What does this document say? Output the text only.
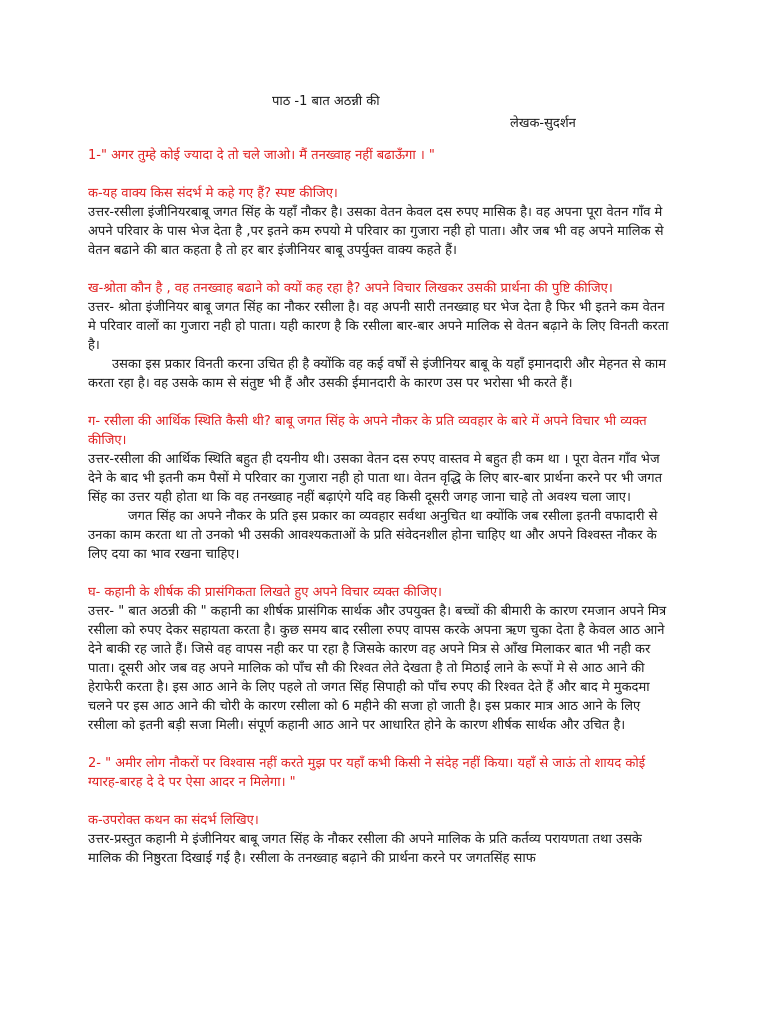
पाठ -1 बात अठन्नी की
लेखक-सुदर्शन

1-" अगर तुम्हे कोई ज्यादा दे तो चले जाओ। मैं तनख्वाह नहीं बढाऊँगा । "

क-यह वाक्य किस संदर्भ मे कहे गए हैं? स्पष्ट कीजिए।

उत्तर-रसीला इंजीनियरबाबू जगत सिंह के यहाँ नौकर है। उसका वेतन केवल दस रुपए मासिक है। वह अपना पूरा वेतन गाँव मे अपने परिवार के पास भेज देता है ,पर इतने कम रुपयो मे परिवार का गुजारा नही हो पाता। और जब भी वह अपने मालिक से वेतन बढाने की बात कहता है तो हर बार इंजीनियर बाबू उपर्युक्त वाक्य कहते हैं।

ख-श्रोता कौन है , वह तनख्वाह बढाने को क्यों कह रहा है? अपने विचार लिखकर उसकी प्रार्थना की पुष्टि कीजिए।

उत्तर- श्रोता इंजीनियर बाबू जगत सिंह का नौकर रसीला है। वह अपनी सारी तनख्वाह घर भेज देता है फिर भी इतने कम वेतन मे परिवार वालों का गुजारा नही हो पाता। यही कारण है कि रसीला बार-बार अपने मालिक से वेतन बढ़ाने के लिए विनती करता है।

उसका इस प्रकार विनती करना उचित ही है क्योंकि वह कई वर्षों से इंजीनियर बाबू के यहाँ इमानदारी और मेहनत से काम करता रहा है। वह उसके काम से संतुष्ट भी हैं और उसकी ईमानदारी के कारण उस पर भरोसा भी करते हैं।

ग- रसीला की आर्थिक स्थिति कैसी थी? बाबू जगत सिंह के अपने नौकर के प्रति व्यवहार के बारे में अपने विचार भी व्यक्त कीजिए।

उत्तर-रसीला की आर्थिक स्थिति बहुत ही दयनीय थी। उसका वेतन दस रुपए वास्तव मे बहुत ही कम था । पूरा वेतन गाँव भेज देने के बाद भी इतनी कम पैसों मे परिवार का गुजारा नही हो पाता था। वेतन वृद्धि के लिए बार-बार प्रार्थना करने पर भी जगत सिंह का उत्तर यही होता था कि वह तनख्वाह नहीं बढ़ाएंगे यदि वह किसी दूसरी जगह जाना चाहे तो अवश्य चला जाए।

जगत सिंह का अपने नौकर के प्रति इस प्रकार का व्यवहार सर्वथा अनुचित था क्योंकि जब रसीला इतनी वफादारी से उनका काम करता था तो उनको भी उसकी आवश्यकताओं के प्रति संवेदनशील होना चाहिए था और अपने विश्वस्त नौकर के लिए दया का भाव रखना चाहिए।

घ- कहानी के शीर्षक की प्रासंगिकता लिखते हुए अपने विचार व्यक्त कीजिए।

उत्तर- " बात अठन्नी की " कहानी का शीर्षक प्रासंगिक सार्थक और उपयुक्त है। बच्चों की बीमारी के कारण रमजान अपने मित्र रसीला को रुपए देकर सहायता करता है। कुछ समय बाद रसीला रुपए वापस करके अपना ऋण चुका देता है केवल आठ आने देने बाकी रह जाते हैं। जिसे वह वापस नही कर पा रहा है जिसके कारण वह अपने मित्र से आँख मिलाकर बात भी नही कर पाता। दूसरी ओर जब वह अपने मालिक को पाँच सौ की रिश्वत लेते देखता है तो मिठाई लाने के रूपों मे से आठ आने की हेराफेरी करता है। इस आठ आने के लिए पहले तो जगत सिंह सिपाही को पाँच रुपए की रिश्वत देते हैं और बाद मे मुकदमा चलने पर इस आठ आने की चोरी के कारण रसीला को 6 महीने की सजा हो जाती है। इस प्रकार मात्र आठ आने के लिए रसीला को इतनी बड़ी सजा मिली। संपूर्ण कहानी आठ आने पर आधारित होने के कारण शीर्षक सार्थक और उचित है।

2- " अमीर लोग नौकरों पर विश्वास नहीं करते मुझ पर यहाँ कभी किसी ने संदेह नहीं किया। यहाँ से जाऊं तो शायद कोई ग्यारह-बारह दे दे पर ऐसा आदर न मिलेगा। "

क-उपरोक्त कथन का संदर्भ लिखिए।

उत्तर-प्रस्तुत कहानी मे इंजीनियर बाबू जगत सिंह के नौकर रसीला की अपने मालिक के प्रति कर्तव्य परायणता तथा उसके मालिक की निष्ठुरता दिखाई गई है। रसीला के तनख्वाह बढ़ाने की प्रार्थना करने पर जगतसिंह साफ
